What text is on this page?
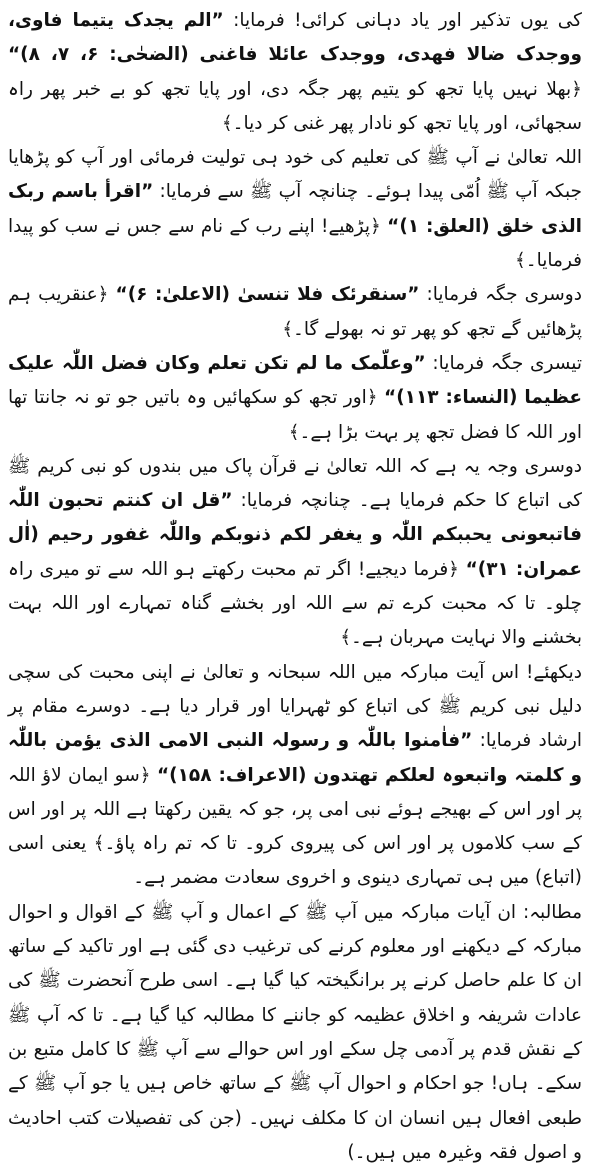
کی یوں تذکیر اور یاد دہانی کرائی! فرمایا: ”الم یجدک یتیما فاوی، ووجدک ضالا فھدی، ووجدک عائلا فاغنی (الضحٰی: ۶، ۷، ۸)“ ﴿بھلا نہیں پایا تجھ کو یتیم پھر جگہ دی، اور پایا تجھ کو بے خبر پھر راہ سجھائی، اور پایا تجھ کو نادار پھر غنی کر دیا۔﴾

اللہ تعالیٰ نے آپ ﷺ کی تعلیم کی خود ہی تولیت فرمائی اور آپ کو پڑھایا جبکہ آپ ﷺ اُمّی پیدا ہوئے۔ چنانچہ آپ ﷺ سے فرمایا: ”اقرأ باسم ربک الذی خلق (العلق: ۱)“ ﴿پڑھیے! اپنے رب کے نام سے جس نے سب کو پیدا فرمایا۔﴾

دوسری جگہ فرمایا: ”سنقرئک فلا تنسیٰ (الاعلیٰ: ۶)“ ﴿عنقریب ہم پڑھائیں گے تجھ کو پھر تو نہ بھولے گا۔﴾

تیسری جگہ فرمایا: ”وعلّمک ما لم تکن تعلم وکان فضل اللّٰہ علیک عظیما (النساء: ۱۱۳)“ ﴿اور تجھ کو سکھائیں وہ باتیں جو تو نہ جانتا تھا اور اللہ کا فضل تجھ پر بہت بڑا ہے۔﴾

دوسری وجہ یہ ہے کہ اللہ تعالیٰ نے قرآن پاک میں بندوں کو نبی کریم ﷺ کی اتباع کا حکم فرمایا ہے۔ چنانچہ فرمایا: ”قل ان کنتم تحبون اللّٰہ فاتبعونی یحببکم اللّٰہ و یغفر لکم ذنوبکم واللّٰہ غفور رحیم (اٰل عمران: ۳۱)“ ﴿فرما دیجیے! اگر تم محبت رکھتے ہو اللہ سے تو میری راہ چلو۔ تا کہ محبت کرے تم سے اللہ اور بخشے گناہ تمہارے اور اللہ بہت بخشنے والا نہایت مہربان ہے۔﴾

دیکھئے! اس آیت مبارکہ میں اللہ سبحانہ و تعالیٰ نے اپنی محبت کی سچی دلیل نبی کریم ﷺ کی اتباع کو ٹھہرایا اور قرار دیا ہے۔ دوسرے مقام پر ارشاد فرمایا: ”فاٰمنوا باللّٰہ و رسولہ النبی الامی الذی یؤمن باللّٰہ و کلمتہ واتبعوہ لعلکم تھتدون (الاعراف: ۱۵۸)“ ﴿سو ایمان لاؤ اللہ پر اور اس کے بھیجے ہوئے نبی امی پر، جو کہ یقین رکھتا ہے اللہ پر اور اس کے سب کلاموں پر اور اس کی پیروی کرو۔ تا کہ تم راہ پاؤ۔﴾ یعنی اسی (اتباع) میں ہی تمہاری دینوی و اخروی سعادت مضمر ہے۔

مطالبہ: ان آیات مبارکہ میں آپ ﷺ کے اعمال و آپ ﷺ کے اقوال و احوال مبارکہ کے دیکھنے اور معلوم کرنے کی ترغیب دی گئی ہے اور تاکید کے ساتھ ان کا علم حاصل کرنے پر برانگیختہ کیا گیا ہے۔ اسی طرح آنحضرت ﷺ کی عادات شریفہ و اخلاق عظیمہ کو جاننے کا مطالبہ کیا گیا ہے۔ تا کہ آپ ﷺ کے نقش قدم پر آدمی چل سکے اور اس حوالے سے آپ ﷺ کا کامل متبع بن سکے۔ ہاں! جو احکام و احوال آپ ﷺ کے ساتھ خاص ہیں یا جو آپ ﷺ کے طبعی افعال ہیں انسان ان کا مکلف نہیں۔ (جن کی تفصیلات کتب احادیث و اصول فقہ وغیرہ میں ہیں۔)
